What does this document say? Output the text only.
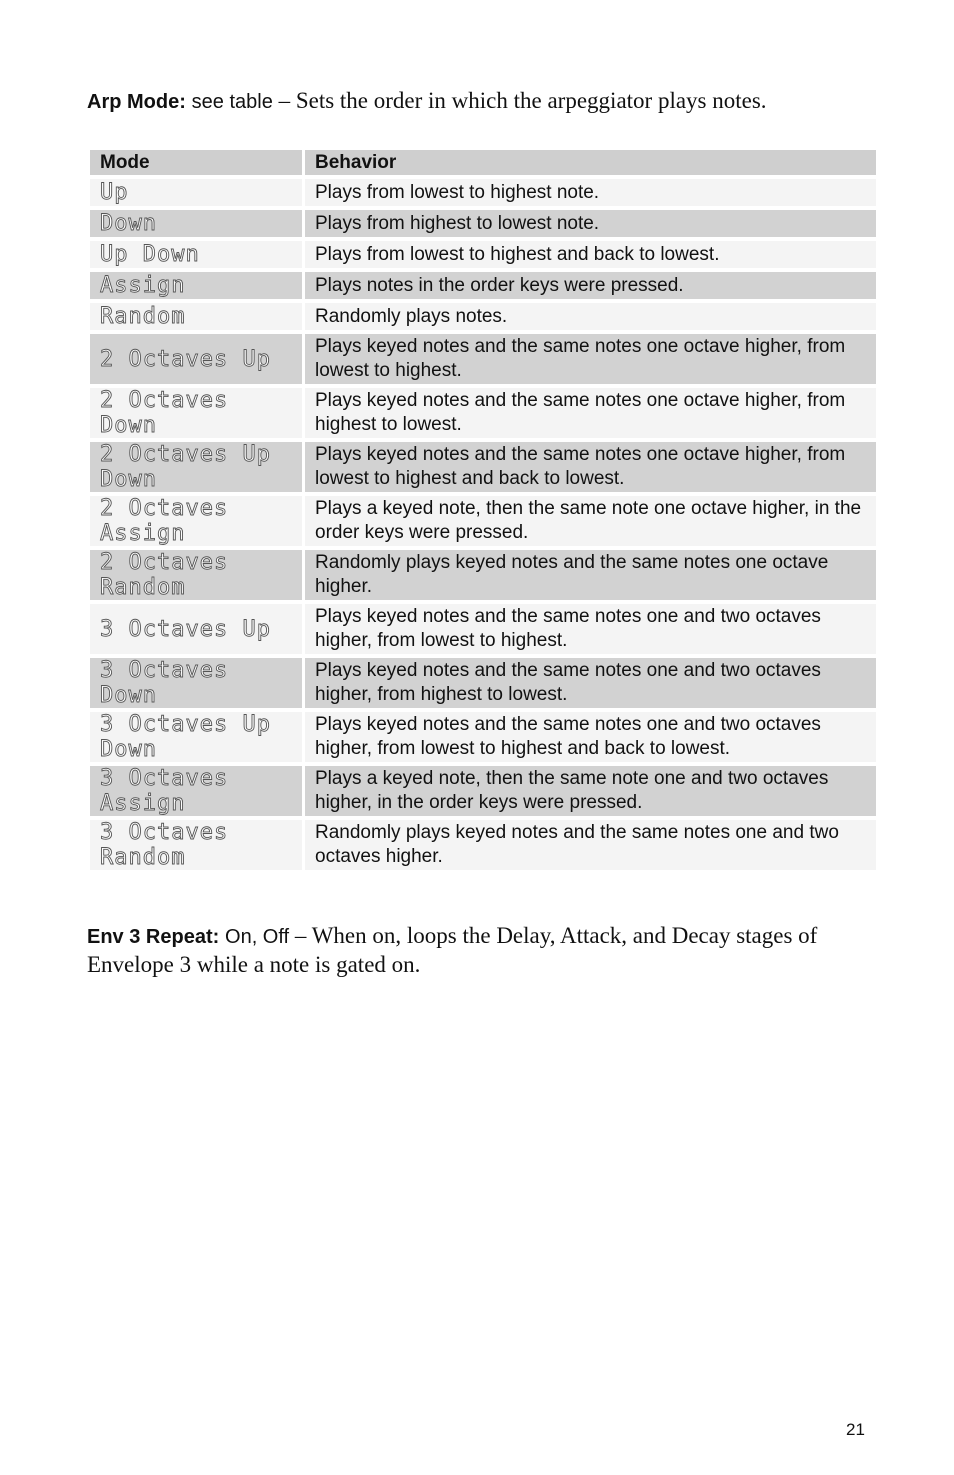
Arp Mode: see table – Sets the order in which the arpeggiator plays notes.

Mode	Behavior
Up	Plays from lowest to highest note.
Down	Plays from highest to lowest note.
Up Down	Plays from lowest to highest and back to lowest.
Assign	Plays notes in the order keys were pressed.
Random	Randomly plays notes.
2 Octaves Up	Plays keyed notes and the same notes one octave higher, from lowest to highest.
2 Octaves Down	Plays keyed notes and the same notes one octave higher, from highest to lowest.
2 Octaves Up Down	Plays keyed notes and the same notes one octave higher, from lowest to highest and back to lowest.
2 Octaves Assign	Plays a keyed note, then the same note one octave higher, in the order keys were pressed.
2 Octaves Random	Randomly plays keyed notes and the same notes one octave higher.
3 Octaves Up	Plays keyed notes and the same notes one and two octaves higher, from lowest to highest.
3 Octaves Down	Plays keyed notes and the same notes one and two octaves higher, from highest to lowest.
3 Octaves Up Down	Plays keyed notes and the same notes one and two octaves higher, from lowest to highest and back to lowest.
3 Octaves Assign	Plays a keyed note, then the same note one and two octaves higher, in the order keys were pressed.
3 Octaves Random	Randomly plays keyed notes and the same notes one and two octaves higher.

Env 3 Repeat: On, Off – When on, loops the Delay, Attack, and Decay stages of Envelope 3 while a note is gated on.

21
